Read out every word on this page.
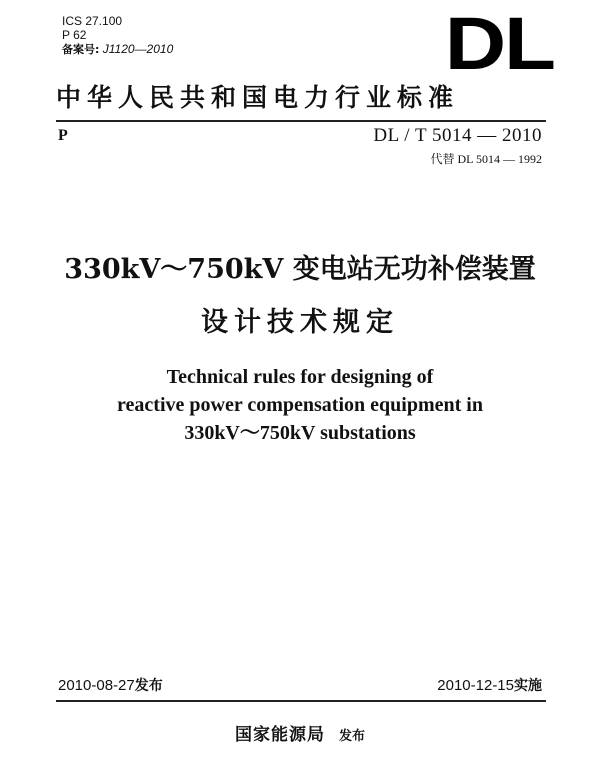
ICS 27.100
P 62
备案号: J1120—2010	DL
中华人民共和国电力行业标准
P	DL / T 5014 — 2010
代替 DL 5014 — 1992
330kV～750kV 变电站无功补偿装置
设计技术规定
Technical rules for designing of
reactive power compensation equipment in
330kV～750kV substations
2010-08-27发布	2010-12-15实施
国家能源局 发布
